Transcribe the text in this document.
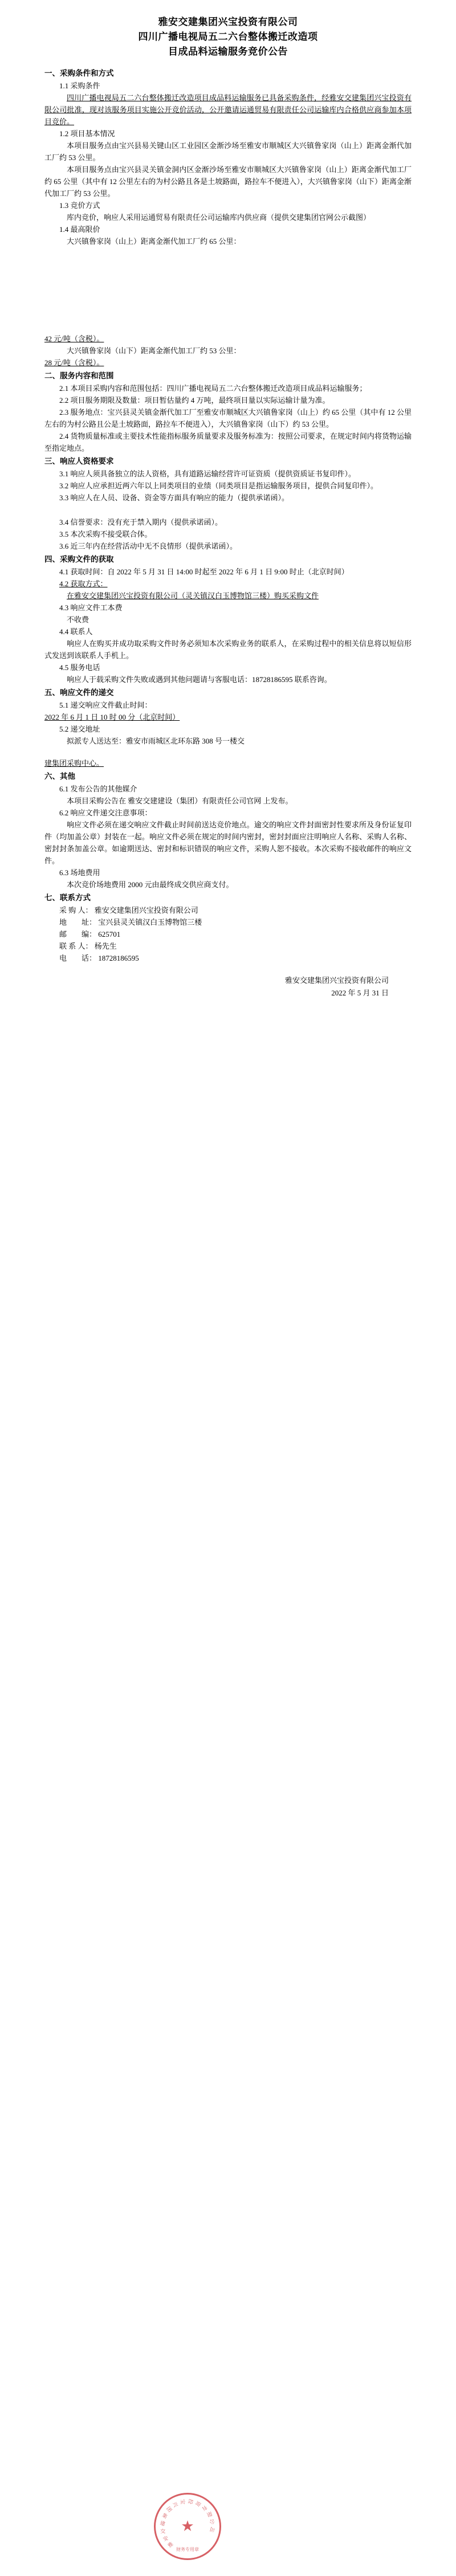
雅安交建集团兴宝投资有限公司
四川广播电视局五二六台整体搬迁改造项
目成品料运输服务竞价公告

一、采购条件和方式

1.1 采购条件

四川广播电视局五二六台整体搬迁改造项目成品料运输服务已具备采购条件，经雅安交建集团兴宝投资有限公司批准，现对该服务项目实施公开竞价活动，公开邀请运通贸易有限责任公司运输库内合格供应商参加本项目竞价。

1.2 项目基本情况

本项目服务点由宝兴县易关键山区工业园区金渐沙场至雅安市顺城区大兴镇鲁家岗（山上）距离金渐代加工厂约 53 公里。

本项目服务点由宝兴县灵关镇金洞内区金渐沙场至雅安市顺城区大兴镇鲁家岗（山上）距离金渐代加工厂约 65 公里（其中有 12 公里左右的为村公路且各是土坡路面，路拉车不便进入），大兴镇鲁家岗（山下）距离金渐代加工厂约 53 公里。

1.3 竞价方式

库内竞价，响应人采用运通贸易有限责任公司运输库内供应商（提供交建集团官网公示截图）

1.4 最高限价

大兴镇鲁家岗（山上）距离金渐代加工厂约 65 公里：

42 元/吨（含税）。

大兴镇鲁家岗（山下）距离金渐代加工厂约 53 公里：

28 元/吨（含税）。

二、服务内容和范围

2.1 本项目采购内容和范围包括：四川广播电视局五二六台整体搬迁改造项目成品料运输服务；

2.2 项目服务期限及数量：项目暂估量约 4 万吨，最终项目量以实际运输计量为准。

2.3 服务地点：宝兴县灵关镇金渐代加工厂至雅安市顺城区大兴镇鲁家岗（山上）约 65 公里（其中有 12 公里左右的为村公路且公是土坡路面，路拉车不便进入），大兴镇鲁家岗（山下）约 53 公里。

2.4 货物质量标准或主要技术性能指标服务质量要求及服务标准为：按照公司要求，在规定时间内将货物运输至指定地点。

三、响应人资格要求

3.1 响应人须具备独立的法人资格，具有道路运输经营许可证资质（提供资质证书复印件）。

3.2 响应人应承担近两六年以上同类项目的业绩（同类项目是指运输服务项目，提供合同复印件）。

3.3 响应人在人员、设备、资金等方面具有响应的能力（提供承诺函）。

3.4 信誉要求：没有充于禁入期内（提供承诺函）。

3.5 本次采购不接受联合体。

3.6 近三年内在经营活动中无不良情形（提供承诺函）。

四、采购文件的获取

4.1 获取时间：自 2022 年 5 月 31 日 14:00 时起至 2022 年 6 月 1 日 9:00 时止（北京时间）

4.2 获取方式：

在雅安交建集团兴宝投资有限公司（灵关镇汉白玉博物馆三楼）购买采购文件

4.3 响应文件工本费

不收费

4.4 联系人

响应人在购买并成功取采购文件时务必须知本次采购业务的联系人，在采购过程中的相关信息将以短信形式发送到该联系人手机上。

4.5 服务电话

响应人于载采购文件失败或遇到其他问题请与客服电话：18728186595 联系咨询。

五、响应文件的递交

5.1 递交响应文件截止时间：

2022 年 6 月 1 日 10 时 00 分（北京时间）

5.2 递交地址

拟派专人送达至：雅安市雨城区北环东路 308 号一楼交

建集团采购中心。

六、其他

6.1 发布公告的其他媒介

本项目采购公告在 雅安交建建设（集团）有限责任公司官网 上发布。

6.2 响应文件递交注意事项：

响应文件必须在递交响应文件截止时间前送达竞价地点。逾交的响应文件封面密封性要求所及身份证复印件（均加盖公章）封装在一起。响应文件必须在规定的时间内密封，密封封面应注明响应人名称、采购人名称、密封封条加盖公章。如逾期送达、密封和标识错误的响应文件，采购人恕不接收。本次采购不接收邮件的响应文件。

6.3 场地费用

本次竞价场地费用 2000 元由最终成交供应商支付。

七、联系方式

采 购 人： 雅安交建集团兴宝投资有限公司

地　　址： 宝兴县灵关镇汉白玉博物馆三楼

邮　　编： 625701

联 系 人： 杨先生

电　　话： 18728186595

雅安交建集团兴宝投资有限公司
2022 年 5 月 31 日
雅
安
交
建
集
团
兴 宝 投 资
有
限
公
司
★
财务专用章
